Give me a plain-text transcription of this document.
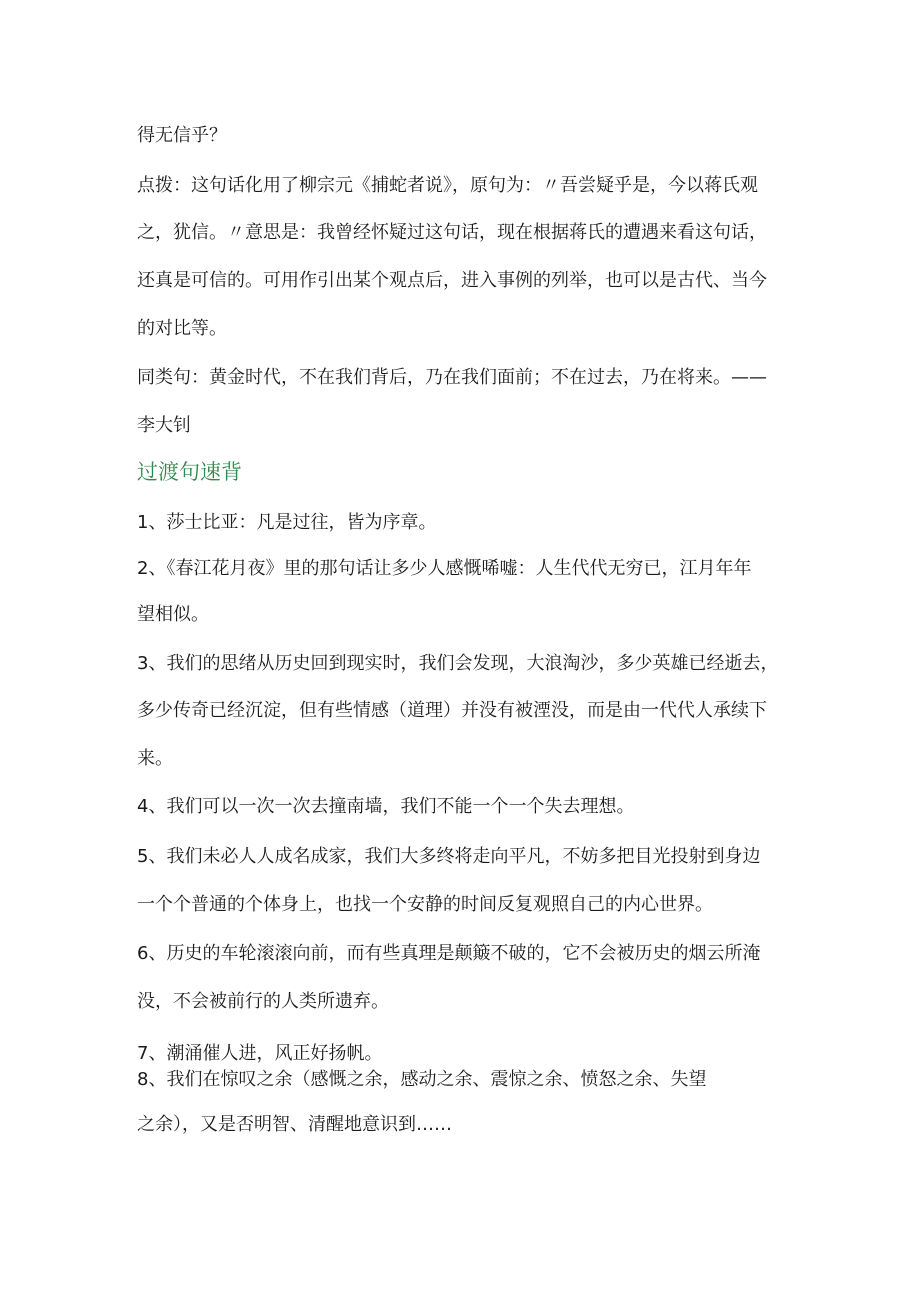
得无信乎？
点拨：这句话化用了柳宗元《捕蛇者说》，原句为：〃吾尝疑乎是，今以蒋氏观
之，犹信。〃意思是：我曾经怀疑过这句话，现在根据蒋氏的遭遇来看这句话，
还真是可信的。可用作引出某个观点后，进入事例的列举，也可以是古代、当今
的对比等。
同类句：黄金时代，不在我们背后，乃在我们面前；不在过去，乃在将来。——
李大钊
过渡句速背
1、莎士比亚：凡是过往，皆为序章。
2、《春江花月夜》里的那句话让多少人感慨唏嘘：人生代代无穷已，江月年年
望相似。
3、我们的思绪从历史回到现实时，我们会发现，大浪淘沙，多少英雄已经逝去，
多少传奇已经沉淀，但有些情感（道理）并没有被湮没，而是由一代代人承续下
来。
4、我们可以一次一次去撞南墙，我们不能一个一个失去理想。
5、我们未必人人成名成家，我们大多终将走向平凡，不妨多把目光投射到身边
一个个普通的个体身上，也找一个安静的时间反复观照自己的内心世界。
6、历史的车轮滚滚向前，而有些真理是颠簸不破的，它不会被历史的烟云所淹
没，不会被前行的人类所遗弃。
7、潮涌催人进，风正好扬帆。
8、我们在惊叹之余（感慨之余，感动之余、震惊之余、愤怒之余、失望
之余），又是否明智、清醒地意识到……
